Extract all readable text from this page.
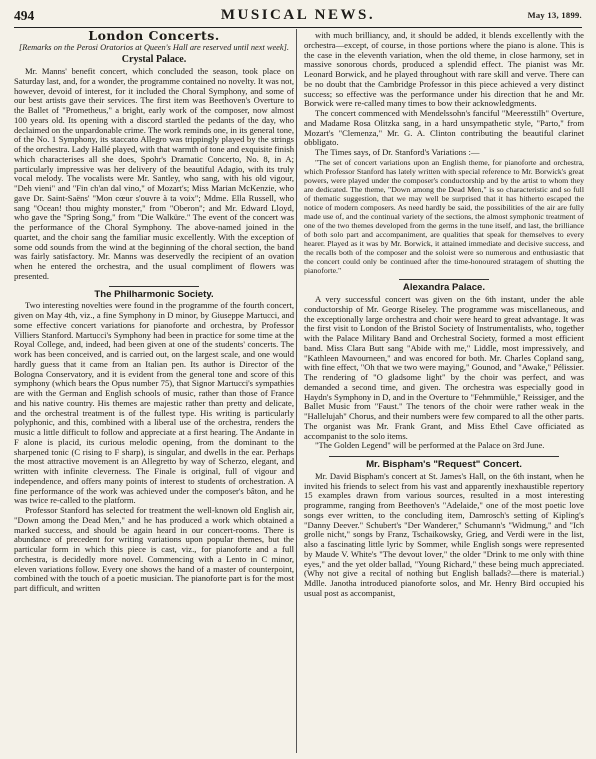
494	MUSICAL NEWS.	May 13, 1899.

London Concerts.

[Remarks on the Perosi Oratorios at Queen's Hall are reserved until next week].

Crystal Palace.

Mr. Manns' benefit concert, which concluded the season, took place on Saturday last, and, for a wonder, the programme contained no novelty. It was not, however, devoid of interest, for it included the Choral Symphony, and some of our best artists gave their services. The first item was Beethoven's Overture to the Ballet of "Prometheus," a bright, early work of the composer, now almost 100 years old. Its opening with a discord startled the pedants of the day, who declaimed on the unpardonable crime. The work reminds one, in its general tone, of the No. 1 Symphony, its staccato Allegro was trippingly played by the strings of the orchestra. Lady Hallé played, with that warmth of tone and exquisite finish which characterises all she does, Spohr's Dramatic Concerto, No. 8, in A; particularly impressive was her delivery of the beautiful Adagio, with its truly vocal melody. The vocalists were Mr. Santley, who sang, with his old vigour, "Deh vieni" and "Fin ch'an dal vino," of Mozart's; Miss Marian McKenzie, who gave Dr. Saint-Saëns' "Mon cœur s'ouvre à ta voix"; Mdme. Ella Russell, who sang "Ocean! thou mighty monster," from "Oberon"; and Mr. Edward Lloyd, who gave the "Spring Song," from "Die Walküre." The event of the concert was the performance of the Choral Symphony. The above-named joined in the quartet, and the choir sang the familiar music excellently. With the exception of some odd sounds from the wind at the beginning of the choral section, the band was fairly satisfactory. Mr. Manns was deservedly the recipient of an ovation when he entered the orchestra, and the usual compliment of flowers was presented.

The Philharmonic Society.

Two interesting novelties were found in the programme of the fourth concert, given on May 4th, viz., a fine Symphony in D minor, by Giuseppe Martucci, and some effective concert variations for pianoforte and orchestra, by Professor Villiers Stanford. Martucci's Symphony had been in practice for some time at the Royal College, and, indeed, had been given at one of the students' concerts. The work has been conceived, and is carried out, on the largest scale, and one would hardly guess that it came from an Italian pen. Its author is Director of the Bologna Conservatory, and it is evident from the general tone and score of this symphony (which bears the Opus number 75), that Signor Martucci's sympathies are with the German and English schools of music, rather than those of France and his native country. His themes are majestic rather than pretty and delicate, and the orchestral treatment is of the fullest type. His writing is particularly polyphonic, and this, combined with a liberal use of the orchestra, renders the music a little difficult to follow and appreciate at a first hearing. The Andante in F alone is placid, its curious melodic opening, from the dominant to the sharpened tonic (C rising to F sharp), is singular, and dwells in the ear. Perhaps the most attractive movement is an Allegretto by way of Scherzo, elegant, and written with infinite cleverness. The Finale is original, full of vigour and independence, and offers many points of interest to students of orchestration. A fine performance of the work was achieved under the composer's bâton, and he was twice re-called to the platform.

Professor Stanford has selected for treatment the well-known old English air, "Down among the Dead Men," and he has produced a work which obtained a marked success, and should be again heard in our concert-rooms. There is abundance of precedent for writing variations upon popular themes, but the particular form in which this piece is cast, viz., for pianoforte and a full orchestra, is decidedly more novel. Commencing with a Lento in C minor, eleven variations follow. Every one shows the hand of a master of counterpoint, combined with the touch of a poetic musician. The pianoforte part is for the most part difficult, and written

with much brilliancy, and, it should be added, it blends excellently with the orchestra—except, of course, in those portions where the piano is alone. This is the case in the eleventh variation, when the old theme, in close harmony, set in massive sonorous chords, produced a splendid effect. The pianist was Mr. Leonard Borwick, and he played throughout with rare skill and verve. There can be no doubt that the Cambridge Professor in this piece achieved a very distinct success; so effective was the performance under his direction that he and Mr. Borwick were re-called many times to bow their acknowledgments.

The concert commenced with Mendelssohn's fanciful "Meeresstilh" Overture, and Madame Rosa Olitzka sang, in a hard unsympathetic style, "Parto," from Mozart's "Clemenza," Mr. G. A. Clinton contributing the beautiful clarinet obbligato.

The Times says, of Dr. Stanford's Variations :—

"The set of concert variations upon an English theme, for pianoforte and orchestra, which Professor Stanford has lately written with special reference to Mr. Borwick's great powers, were played under the composer's conductorship and by the artist to whom they are dedicated. The theme, "Down among the Dead Men," is so characteristic and so full of thematic suggestion, that we may well be surprised that it has hitherto escaped the notice of modern composers. As need hardly be said, the possibilities of the air are fully made use of, and the continual variety of the sections, the almost symphonic treatment of one of the two themes developed from the germs in the tune itself, and last, the brilliance of both solo part and accompaniment, are qualities that speak for themselves to every hearer. Played as it was by Mr. Borwick, it attained immediate and decisive success, and the recalls both of the composer and the soloist were so numerous and enthusiastic that the concert could only be continued after the time-honoured stratagem of shutting the pianoforte."

Alexandra Palace.

A very successful concert was given on the 6th instant, under the able conductorship of Mr. George Riseley. The programme was miscellaneous, and the exceptionally large orchestra and choir were heard to great advantage. It was the first visit to London of the Bristol Society of Instrumentalists, who, together with the Palace Military Band and Orchestral Society, formed a most efficient band. Miss Clara Butt sang "Abide with me," Liddle, most impressively, and "Kathleen Mavourneen," and was encored for both. Mr. Charles Copland sang, with fine effect, "Oh that we two were maying," Gounod, and "Awake," Pélissier. The rendering of "O gladsome light" by the choir was perfect, and was demanded a second time, and given. The orchestra was especially good in Haydn's Symphony in D, and in the Overture to "Fehmmühle," Reissiger, and the Ballet Music from "Faust." The tenors of the choir were rather weak in the "Hallelujah" Chorus, and their numbers were few compared to all the other parts. The organist was Mr. Frank Grant, and Miss Ethel Cave officiated as accompanist to the solo items.

"The Golden Legend" will be performed at the Palace on 3rd June.

Mr. Bispham's "Request" Concert.

Mr. David Bispham's concert at St. James's Hall, on the 6th instant, when he invited his friends to select from his vast and apparently inexhaustible repertory 15 examples drawn from various sources, resulted in a most interesting programme, ranging from Beethoven's "Adelaide," one of the most poetic love songs ever written, to the concluding item, Damrosch's setting of Kipling's "Danny Deever." Schubert's "Der Wanderer," Schumann's "Widmung," and "Ich grolle nicht," songs by Franz, Tschaikowsky, Grieg, and Verdi were in the list, also a fascinating little lyric by Sommer, while English songs were represented by Maude V. White's "The devout lover," the older "Drink to me only with thine eyes," and the yet older ballad, "Young Richard," these being much appreciated. (Why not give a recital of nothing but English ballads?—there is material.) Mdlle. Janotha introduced pianoforte solos, and Mr. Henry Bird occupied his usual post as accompanist,
